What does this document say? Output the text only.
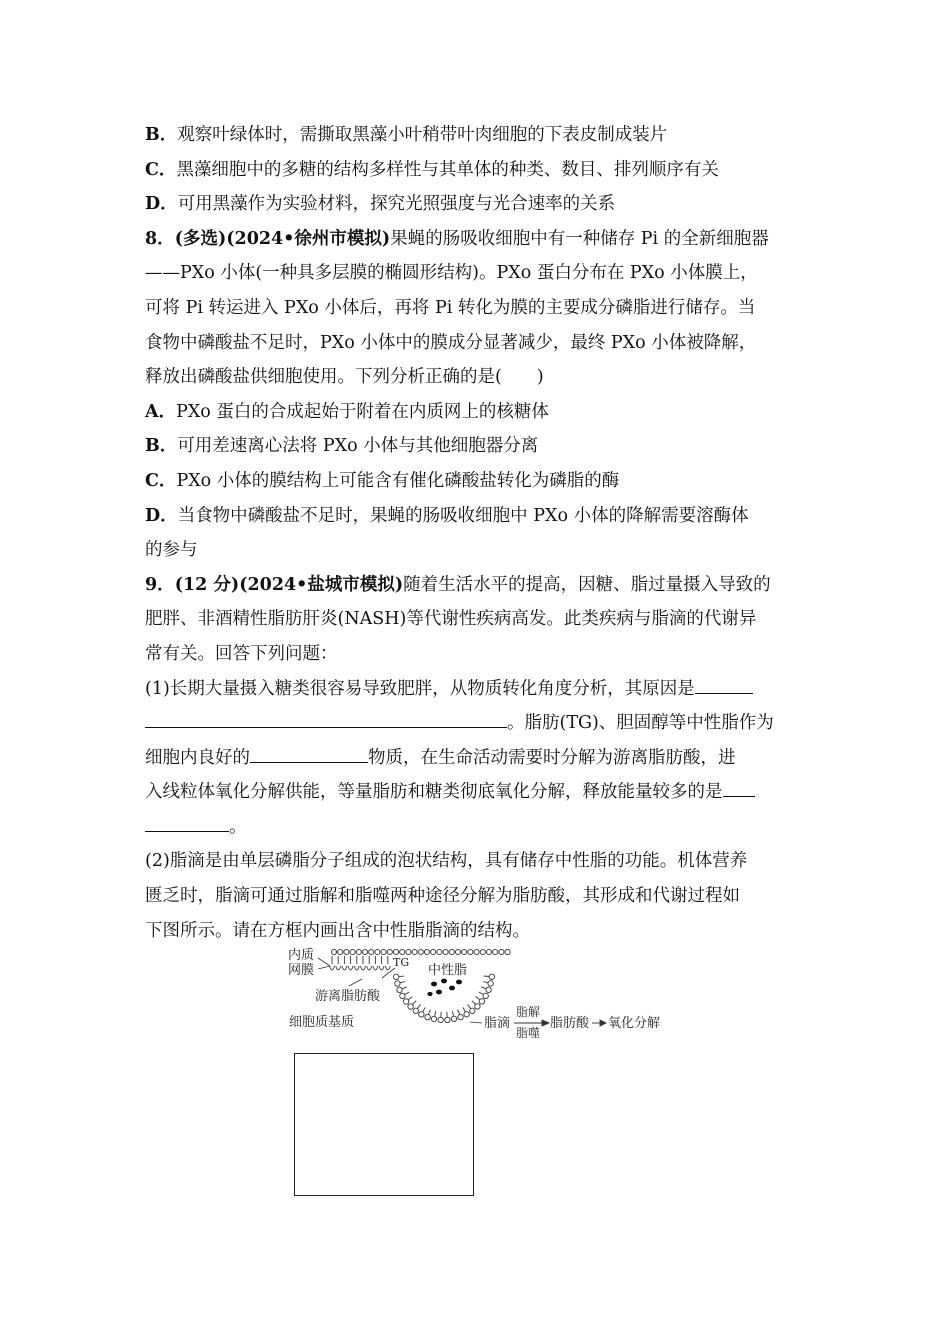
B．观察叶绿体时，需撕取黑藻小叶稍带叶肉细胞的下表皮制成装片
C．黑藻细胞中的多糖的结构多样性与其单体的种类、数目、排列顺序有关
D．可用黑藻作为实验材料，探究光照强度与光合速率的关系
8．(多选)(2024•徐州市模拟)果蝇的肠吸收细胞中有一种储存 Pi 的全新细胞器
——PXo 小体(一种具多层膜的椭圆形结构)。PXo 蛋白分布在 PXo 小体膜上，
可将 Pi 转运进入 PXo 小体后，再将 Pi 转化为膜的主要成分磷脂进行储存。当
食物中磷酸盐不足时，PXo 小体中的膜成分显著减少，最终 PXo 小体被降解，
释放出磷酸盐供细胞使用。下列分析正确的是(　　)
A．PXo 蛋白的合成起始于附着在内质网上的核糖体
B．可用差速离心法将 PXo 小体与其他细胞器分离
C．PXo 小体的膜结构上可能含有催化磷酸盐转化为磷脂的酶
D．当食物中磷酸盐不足时，果蝇的肠吸收细胞中 PXo 小体的降解需要溶酶体
的参与
9．(12 分)(2024•盐城市模拟)随着生活水平的提高，因糖、脂过量摄入导致的
肥胖、非酒精性脂肪肝炎(NASH)等代谢性疾病高发。此类疾病与脂滴的代谢异
常有关。回答下列问题：
(1)长期大量摄入糖类很容易导致肥胖，从物质转化角度分析，其原因是
。脂肪(TG)、胆固醇等中性脂作为
细胞内良好的	物质，在生命活动需要时分解为游离脂肪酸，进
入线粒体氧化分解供能，等量脂肪和糖类彻底氧化分解，释放能量较多的是
。
(2)脂滴是由单层磷脂分子组成的泡状结构，具有储存中性脂的功能。机体营养
匮乏时，脂滴可通过脂解和脂噬两种途径分解为脂肪酸，其形成和代谢过程如
下图所示。请在方框内画出含中性脂脂滴的结构。
内质
网膜
TG
中性脂
游离脂肪酸
细胞质基质	脂滴
脂解
脂噬
脂肪酸 氧化分解
